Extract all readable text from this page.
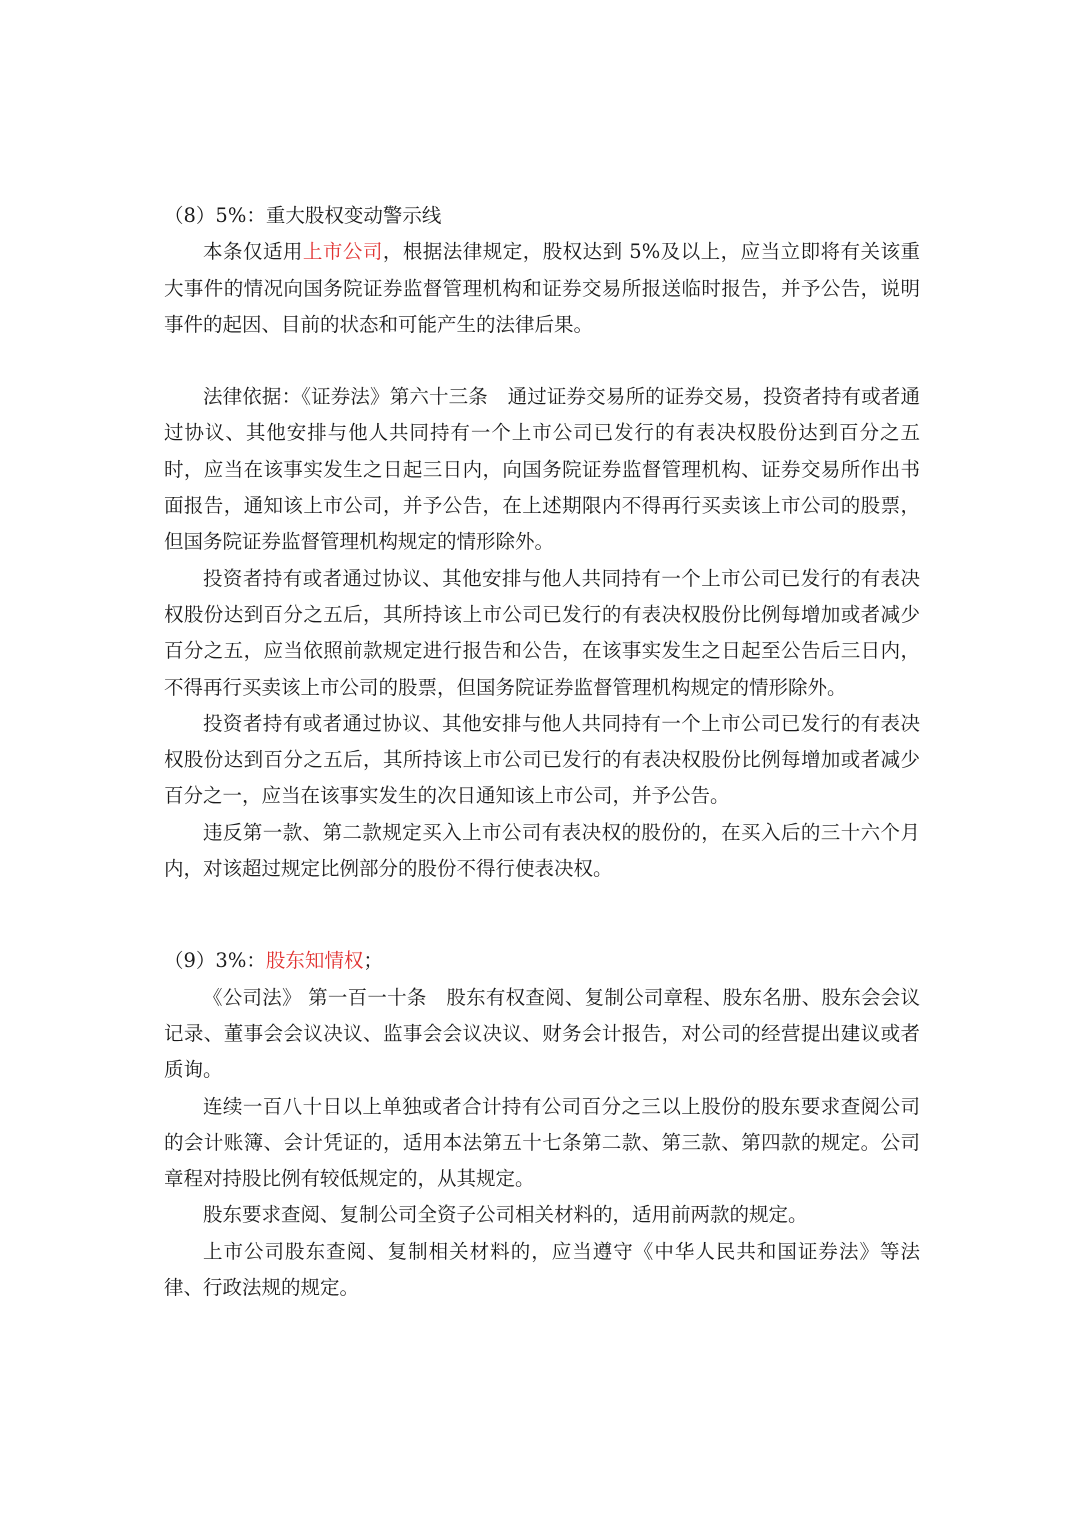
（8）5%：重大股权变动警示线

本条仅适用上市公司，根据法律规定，股权达到 5%及以上，应当立即将有关该重大事件的情况向国务院证券监督管理机构和证券交易所报送临时报告，并予公告，说明事件的起因、目前的状态和可能产生的法律后果。

法律依据：《证券法》第六十三条　通过证券交易所的证券交易，投资者持有或者通过协议、其他安排与他人共同持有一个上市公司已发行的有表决权股份达到百分之五时，应当在该事实发生之日起三日内，向国务院证券监督管理机构、证券交易所作出书面报告，通知该上市公司，并予公告，在上述期限内不得再行买卖该上市公司的股票，但国务院证券监督管理机构规定的情形除外。

投资者持有或者通过协议、其他安排与他人共同持有一个上市公司已发行的有表决权股份达到百分之五后，其所持该上市公司已发行的有表决权股份比例每增加或者减少百分之五，应当依照前款规定进行报告和公告，在该事实发生之日起至公告后三日内，不得再行买卖该上市公司的股票，但国务院证券监督管理机构规定的情形除外。

投资者持有或者通过协议、其他安排与他人共同持有一个上市公司已发行的有表决权股份达到百分之五后，其所持该上市公司已发行的有表决权股份比例每增加或者减少百分之一，应当在该事实发生的次日通知该上市公司，并予公告。

违反第一款、第二款规定买入上市公司有表决权的股份的，在买入后的三十六个月内，对该超过规定比例部分的股份不得行使表决权。

（9）3%：股东知情权；

《公司法》 第一百一十条　股东有权查阅、复制公司章程、股东名册、股东会会议记录、董事会会议决议、监事会会议决议、财务会计报告，对公司的经营提出建议或者质询。

连续一百八十日以上单独或者合计持有公司百分之三以上股份的股东要求查阅公司的会计账簿、会计凭证的，适用本法第五十七条第二款、第三款、第四款的规定。公司章程对持股比例有较低规定的，从其规定。

股东要求查阅、复制公司全资子公司相关材料的，适用前两款的规定。

上市公司股东查阅、复制相关材料的，应当遵守《中华人民共和国证券法》等法律、行政法规的规定。
